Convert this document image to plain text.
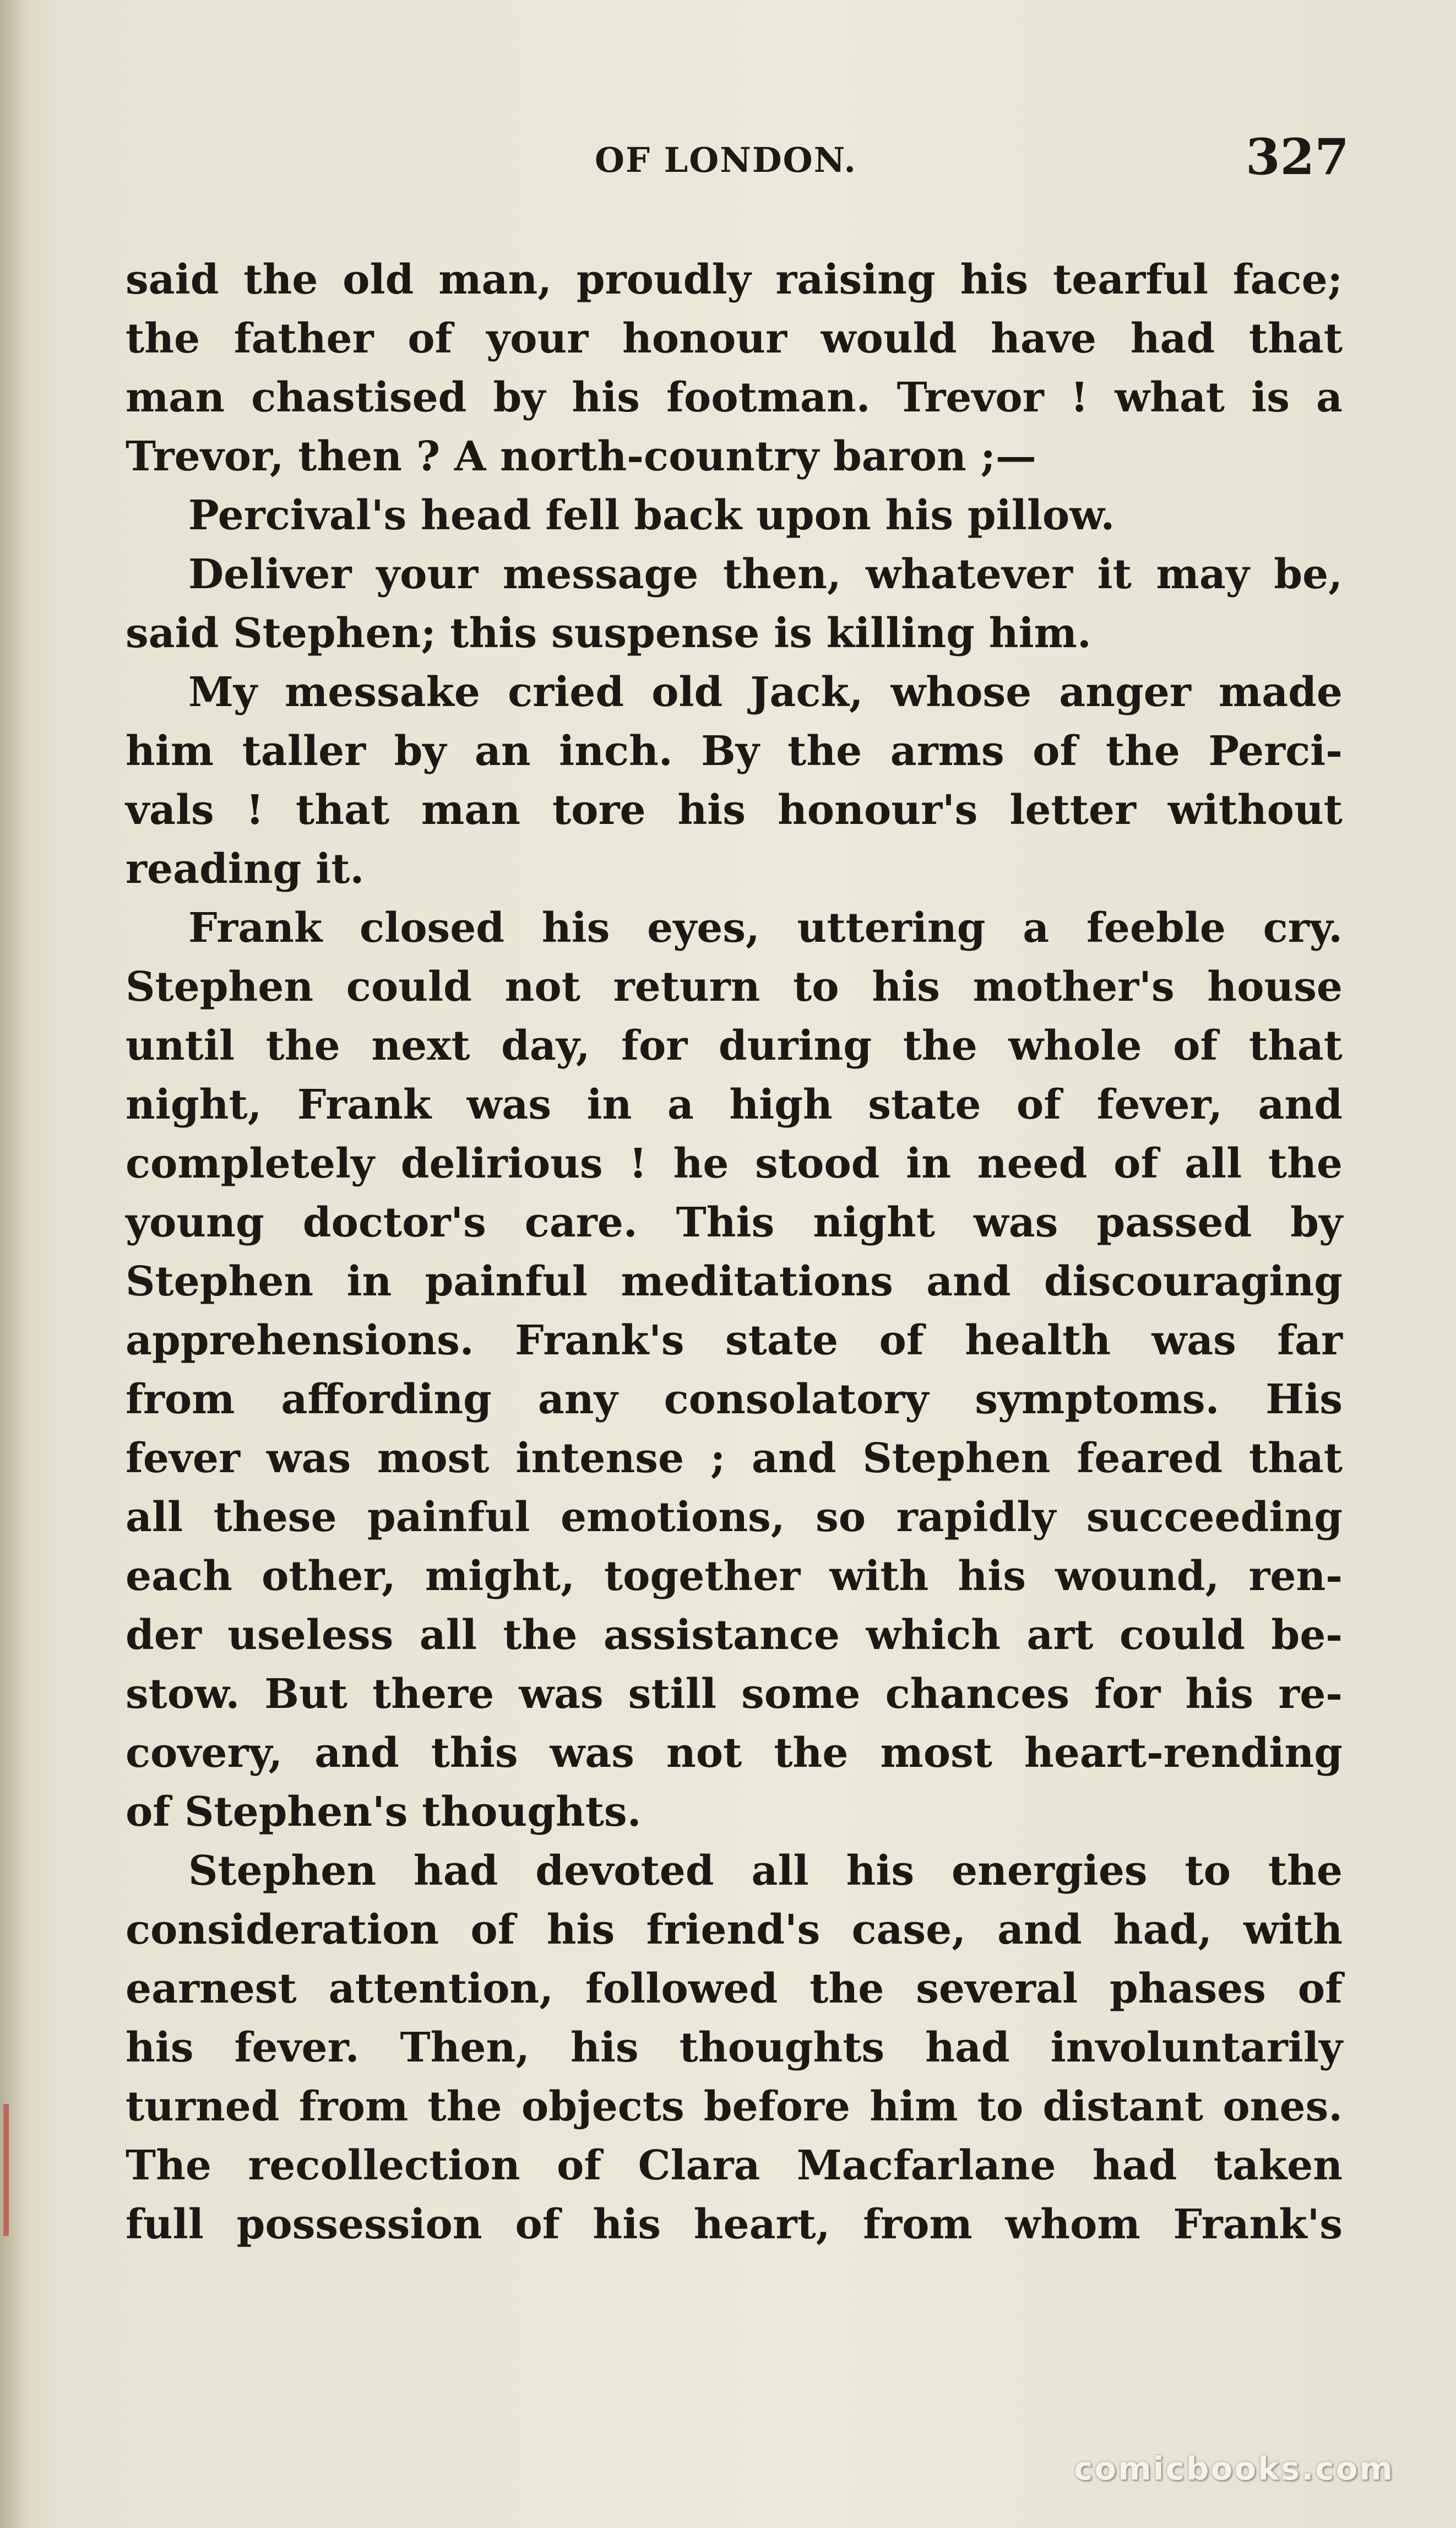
OF LONDON.	327
said the old man, proudly raising his tearful face;
the father of your honour would have had that
man chastised by his footman. Trevor ! what is a
Trevor, then ? A north-country baron ;—
Percival's head fell back upon his pillow.
Deliver your message then, whatever it may be,
said Stephen; this suspense is killing him.
My messake cried old Jack, whose anger made
him taller by an inch. By the arms of the Perci-
vals ! that man tore his honour's letter without
reading it.
Frank closed his eyes, uttering a feeble cry.
Stephen could not return to his mother's house
until the next day, for during the whole of that
night, Frank was in a high state of fever, and
completely delirious ! he stood in need of all the
young doctor's care. This night was passed by
Stephen in painful meditations and discouraging
apprehensions. Frank's state of health was far
from affording any consolatory symptoms. His
fever was most intense ; and Stephen feared that
all these painful emotions, so rapidly succeeding
each other, might, together with his wound, ren-
der useless all the assistance which art could be-
stow. But there was still some chances for his re-
covery, and this was not the most heart-rending
of Stephen's thoughts.
Stephen had devoted all his energies to the
consideration of his friend's case, and had, with
earnest attention, followed the several phases of
his fever. Then, his thoughts had involuntarily
turned from the objects before him to distant ones.
The recollection of Clara Macfarlane had taken
full possession of his heart, from whom Frank's
comicbooks.com
